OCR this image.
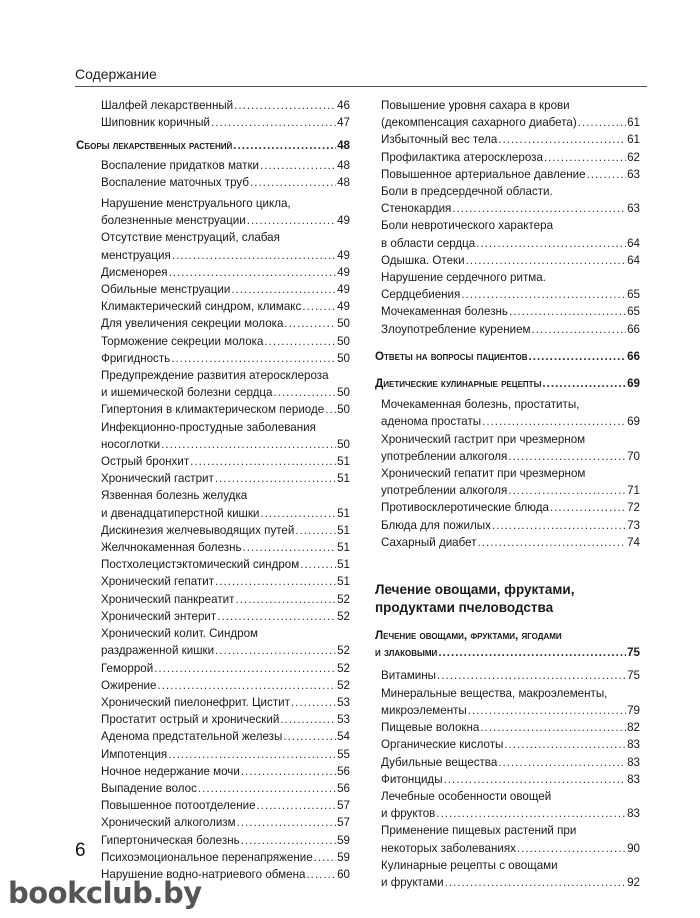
Содержание
Шалфей лекарственный .....	46
Шиповник коричный .....	47
Сборы лекарственных растений .....	48
Воспаление придатков матки .....	48
Воспаление маточных труб .....	48
Нарушение менструального цикла,
болезненные менструации .....	49
Отсутствие менструаций, слабая
менструация .....	49
Дисменорея .....	49
Обильные менструации .....	49
Климактерический синдром, климакс .....	49
Для увеличения секреции молока .....	50
Торможение секреции молока .....	50
Фригидность .....	50
Предупреждение развития атеросклероза
и ишемической болезни сердца .....	50
Гипертония в климактерическом периоде ..... 50
Инфекционно-простудные заболевания
носоглотки .....	50
Острый бронхит .....	51
Хронический гастрит .....	51
Язвенная болезнь желудка
и двенадцатиперстной кишки .....	51
Дискинезия желчевыводящих путей .....	51
Желчнокаменная болезнь .....	51
Постхолецистэктомический синдром .....	51
Хронический гепатит .....	51
Хронический панкреатит .....	52
Хронический энтерит .....	52
Хронический колит. Синдром
раздраженной кишки .....	52
Геморрой .....	52
Ожирение .....	52
Хронический пиелонефрит. Цистит .....	53
Простатит острый и хронический .....	53
Аденома предстательной железы .....	54
Импотенция .....	55
Ночное недержание мочи .....	56
Выпадение волос .....	56
Повышенное потоотделение .....	57
Хронический алкоголизм .....	57
Гипертоническая болезнь .....	59
Психоэмоциональное перенапряжение ..... 59
Нарушение водно-натриевого обмена .....	60
Повышение уровня сахара в крови
(декомпенсация сахарного диабета) .....	61
Избыточный вес тела .....	61
Профилактика атеросклероза .....	62
Повышенное артериальное давление .....	63
Боли в предсердечной области.
Стенокардия .....	63
Боли невротического характера
в области сердца .....	64
Одышка. Отеки .....	64
Нарушение сердечного ритма.
Сердцебиения .....	65
Мочекаменная болезнь .....	65
Злоупотребление курением .....	66
Ответы на вопросы пациентов .....	66
Диетические кулинарные рецепты .....	69
Мочекаменная болезнь, простатиты,
аденома простаты .....	69
Хронический гастрит при чрезмерном
употреблении алкоголя .....	70
Хронический гепатит при чрезмерном
употреблении алкоголя .....	71
Противосклеротические блюда .....	72
Блюда для пожилых .....	73
Сахарный диабет .....	74
Лечение овощами, фруктами,
продуктами пчеловодства
Лечение овощами, фруктами, ягодами
и злаковыми .....	75
Витамины .....	75
Минеральные вещества, макроэлементы,
микроэлементы .....	79
Пищевые волокна .....	82
Органические кислоты .....	83
Дубильные вещества .....	83
Фитонциды .....	83
Лечебные особенности овощей
и фруктов .....	83
Применение пищевых растений при
некоторых заболеваниях .....	90
Кулинарные рецепты с овощами
и фруктами .....	92
6
bookclub.by
